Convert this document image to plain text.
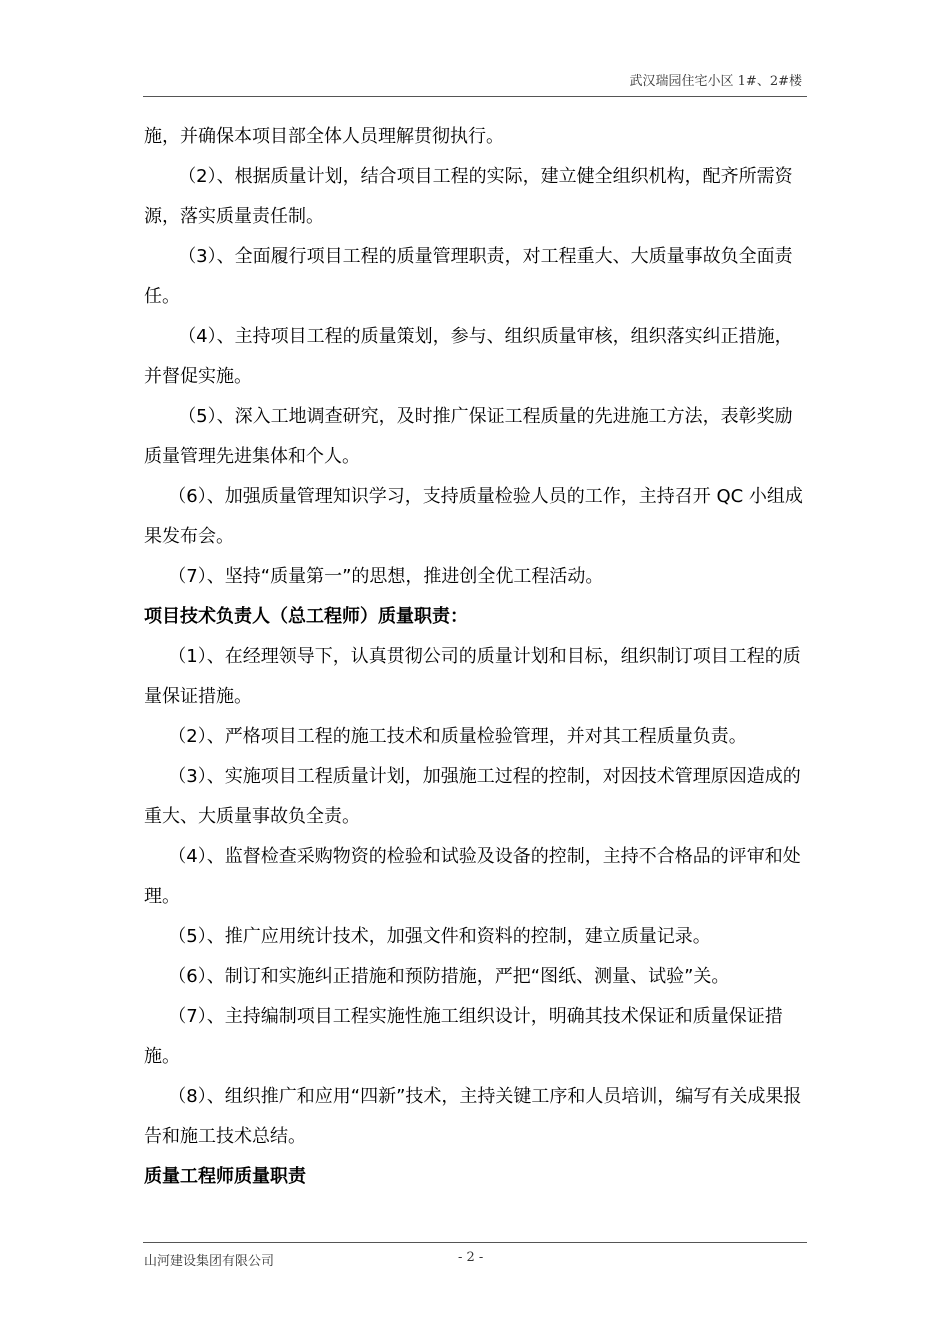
武汉瑞园住宅小区 1#、2#楼

施，并确保本项目部全体人员理解贯彻执行。

（2）、根据质量计划，结合项目工程的实际，建立健全组织机构，配齐所需资源，落实质量责任制。

（3）、全面履行项目工程的质量管理职责，对工程重大、大质量事故负全面责任。

（4）、主持项目工程的质量策划，参与、组织质量审核，组织落实纠正措施，并督促实施。

（5）、深入工地调查研究，及时推广保证工程质量的先进施工方法，表彰奖励质量管理先进集体和个人。

（6）、加强质量管理知识学习，支持质量检验人员的工作，主持召开 QC 小组成果发布会。

（7）、坚持“质量第一”的思想，推进创全优工程活动。

项目技术负责人（总工程师）质量职责：

（1）、在经理领导下，认真贯彻公司的质量计划和目标，组织制订项目工程的质量保证措施。

（2）、严格项目工程的施工技术和质量检验管理，并对其工程质量负责。

（3）、实施项目工程质量计划，加强施工过程的控制，对因技术管理原因造成的重大、大质量事故负全责。

（4）、监督检查采购物资的检验和试验及设备的控制，主持不合格品的评审和处理。

（5）、推广应用统计技术，加强文件和资料的控制，建立质量记录。

（6）、制订和实施纠正措施和预防措施，严把“图纸、测量、试验”关。

（7）、主持编制项目工程实施性施工组织设计，明确其技术保证和质量保证措施。

（8）、组织推广和应用“四新”技术，主持关键工序和人员培训，编写有关成果报告和施工技术总结。

质量工程师质量职责

山河建设集团有限公司	- 2 -
